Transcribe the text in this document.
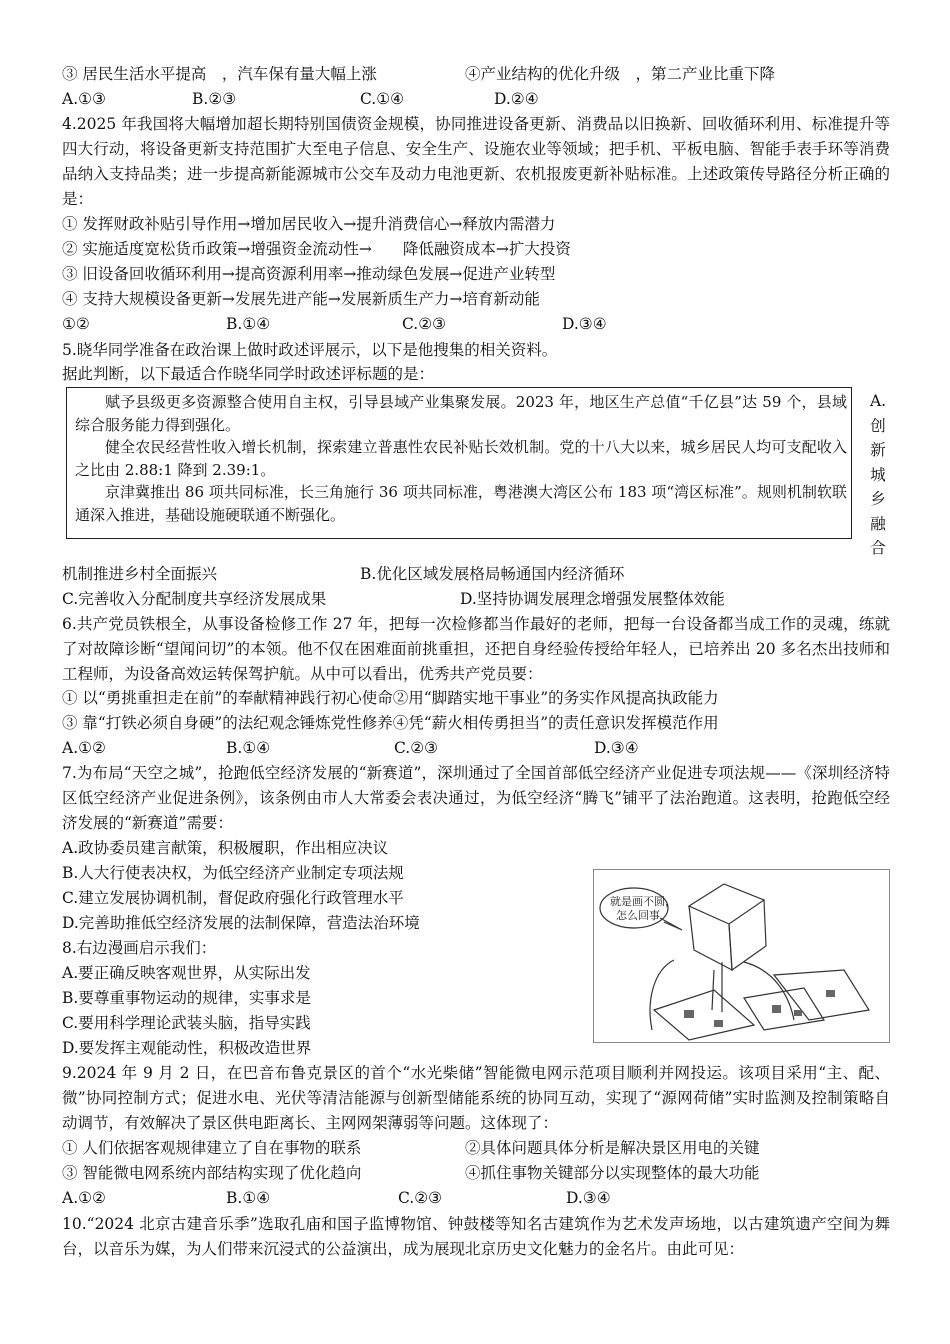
③ 居民生活水平提高　，汽车保有量大幅上涨	④产业结构的优化升级　，第二产业比重下降
A.①③	B.②③	C.①④	D.②④
4.2025 年我国将大幅增加超长期特别国债资金规模，协同推进设备更新、消费品以旧换新、回收循环利用、标准提升等四大行动，将设备更新支持范围扩大至电子信息、安全生产、设施农业等领域；把手机、平板电脑、智能手表手环等消费品纳入支持品类；进一步提高新能源城市公交车及动力电池更新、农机报废更新补贴标准。上述政策传导路径分析正确的是：
① 发挥财政补贴引导作用→增加居民收入→提升消费信心→释放内需潜力
② 实施适度宽松货币政策→增强资金流动性→　　降低融资成本→扩大投资
③ 旧设备回收循环利用→提高资源利用率→推动绿色发展→促进产业转型
④ 支持大规模设备更新→发展先进产能→发展新质生产力→培育新动能
①②	B.①④	C.②③	D.③④
5.晓华同学准备在政治课上做时政述评展示，以下是他搜集的相关资料。
据此判断，以下最适合作晓华同学时政述评标题的是：
赋予县级更多资源整合使用自主权，引导县域产业集聚发展。2023 年，地区生产总值“千亿县”达 59 个，县域综合服务能力得到强化。
健全农民经营性收入增长机制，探索建立普惠性农民补贴长效机制。党的十八大以来，城乡居民人均可支配收入之比由 2.88:1 降到 2.39:1。
京津冀推出 86 项共同标准，长三角施行 36 项共同标准，粤港澳大湾区公布 183 项“湾区标准”。规则机制软联通深入推进，基础设施硬联通不断强化。
A.
创
新
城
乡
融
合
机制推进乡村全面振兴	B.优化区域发展格局畅通国内经济循环
C.完善收入分配制度共享经济发展成果	D.坚持协调发展理念增强发展整体效能
6.共产党员铁根全，从事设备检修工作 27 年，把每一次检修都当作最好的老师，把每一台设备都当成工作的灵魂，练就了对故障诊断“望闻问切”的本领。他不仅在困难面前挑重担，还把自身经验传授给年轻人，已培养出 20 多名杰出技师和工程师，为设备高效运转保驾护航。从中可以看出，优秀共产党员要：
① 以“勇挑重担走在前”的奉献精神践行初心使命②用“脚踏实地干事业”的务实作风提高执政能力
③ 靠“打铁必须自身硬”的法纪观念锤炼党性修养④凭“薪火相传勇担当”的责任意识发挥模范作用
A.①②	B.①④	C.②③	D.③④
7.为布局“天空之城”，抢跑低空经济发展的“新赛道”，深圳通过了全国首部低空经济产业促进专项法规——《深圳经济特区低空经济产业促进条例》，该条例由市人大常委会表决通过，为低空经济“腾飞”铺平了法治跑道。这表明，抢跑低空经济发展的“新赛道”需要：
A.政协委员建言献策，积极履职，作出相应决议
B.人大行使表决权，为低空经济产业制定专项法规
C.建立发展协调机制，督促政府强化行政管理水平
D.完善助推低空经济发展的法制保障，营造法治环境
8.右边漫画启示我们：
A.要正确反映客观世界，从实际出发
B.要尊重事物运动的规律，实事求是
C.要用科学理论武装头脑，指导实践
D.要发挥主观能动性，积极改造世界
就是画不圆，
怎么回事
9.2024 年 9 月 2 日，在巴音布鲁克景区的首个“水光柴储”智能微电网示范项目顺利并网投运。该项目采用“主、配、微”协同控制方式；促进水电、光伏等清洁能源与创新型储能系统的协同互动，实现了“源网荷储”实时监测及控制策略自动调节，有效解决了景区供电距离长、主网网架薄弱等问题。这体现了：
① 人们依据客观规律建立了自在事物的联系	②具体问题具体分析是解决景区用电的关键
③ 智能微电网系统内部结构实现了优化趋向	④抓住事物关键部分以实现整体的最大功能
A.①②	B.①④	C.②③	D.③④
10.“2024 北京古建音乐季”选取孔庙和国子监博物馆、钟鼓楼等知名古建筑作为艺术发声场地，以古建筑遗产空间为舞台，以音乐为媒，为人们带来沉浸式的公益演出，成为展现北京历史文化魅力的金名片。由此可见：
